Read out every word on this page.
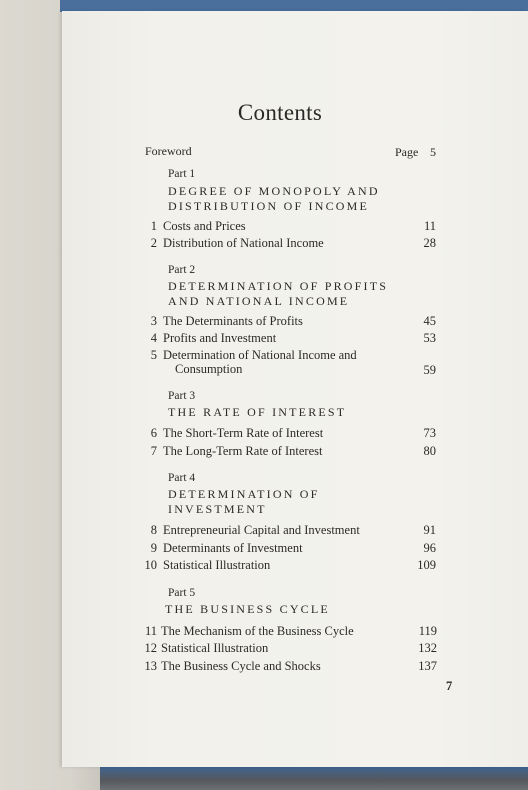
Contents
Foreword	Page 5
Part 1
DEGREE OF MONOPOLY AND
DISTRIBUTION OF INCOME
1 Costs and Prices	11
2 Distribution of National Income	28
Part 2
DETERMINATION OF PROFITS
AND NATIONAL INCOME
3 The Determinants of Profits	45
4 Profits and Investment	53
5 Determination of National Income and
Consumption	59
Part 3
THE RATE OF INTEREST
6 The Short-Term Rate of Interest	73
7 The Long-Term Rate of Interest	80
Part 4
DETERMINATION OF
INVESTMENT
8 Entrepreneurial Capital and Investment	91
9 Determinants of Investment	96
10 Statistical Illustration	109
Part 5
THE BUSINESS CYCLE
11 The Mechanism of the Business Cycle	119
12 Statistical Illustration	132
13 The Business Cycle and Shocks	137
7
